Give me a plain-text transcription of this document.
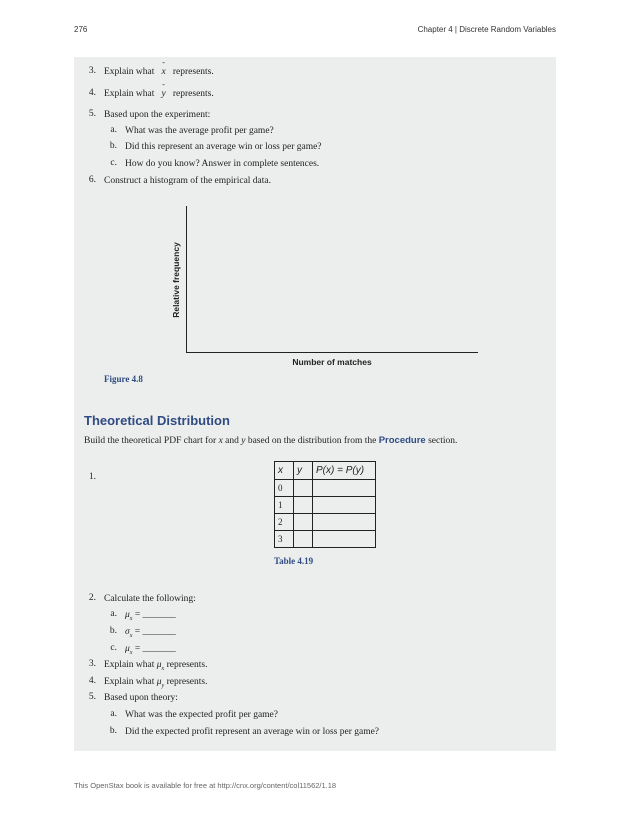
276	Chapter 4 | Discrete Random Variables
3. Explain what - x represents.
4. Explain what - y represents.
5. Based upon the experiment:
a. What was the average profit per game?
b. Did this represent an average win or loss per game?
c. How do you know? Answer in complete sentences.
6. Construct a histogram of the empirical data.
Relative frequency
Number of matches
Figure 4.8
Theoretical Distribution
Build the theoretical PDF chart for x and y based on the distribution from the Procedure section.
1.
x	y	P(x) = P(y)
0		
1		
2		
3		
Table 4.19
2. Calculate the following:
a. $\mu_x$ = _______
b. $\sigma_x$ = _______
c. $\mu_x$ = _______
3. Explain what $\mu_x$ represents.
4. Explain what $\mu_y$ represents.
5. Based upon theory:
a. What was the expected profit per game?
b. Did the expected profit represent an average win or loss per game?
This OpenStax book is available for free at http://cnx.org/content/col11562/1.18
